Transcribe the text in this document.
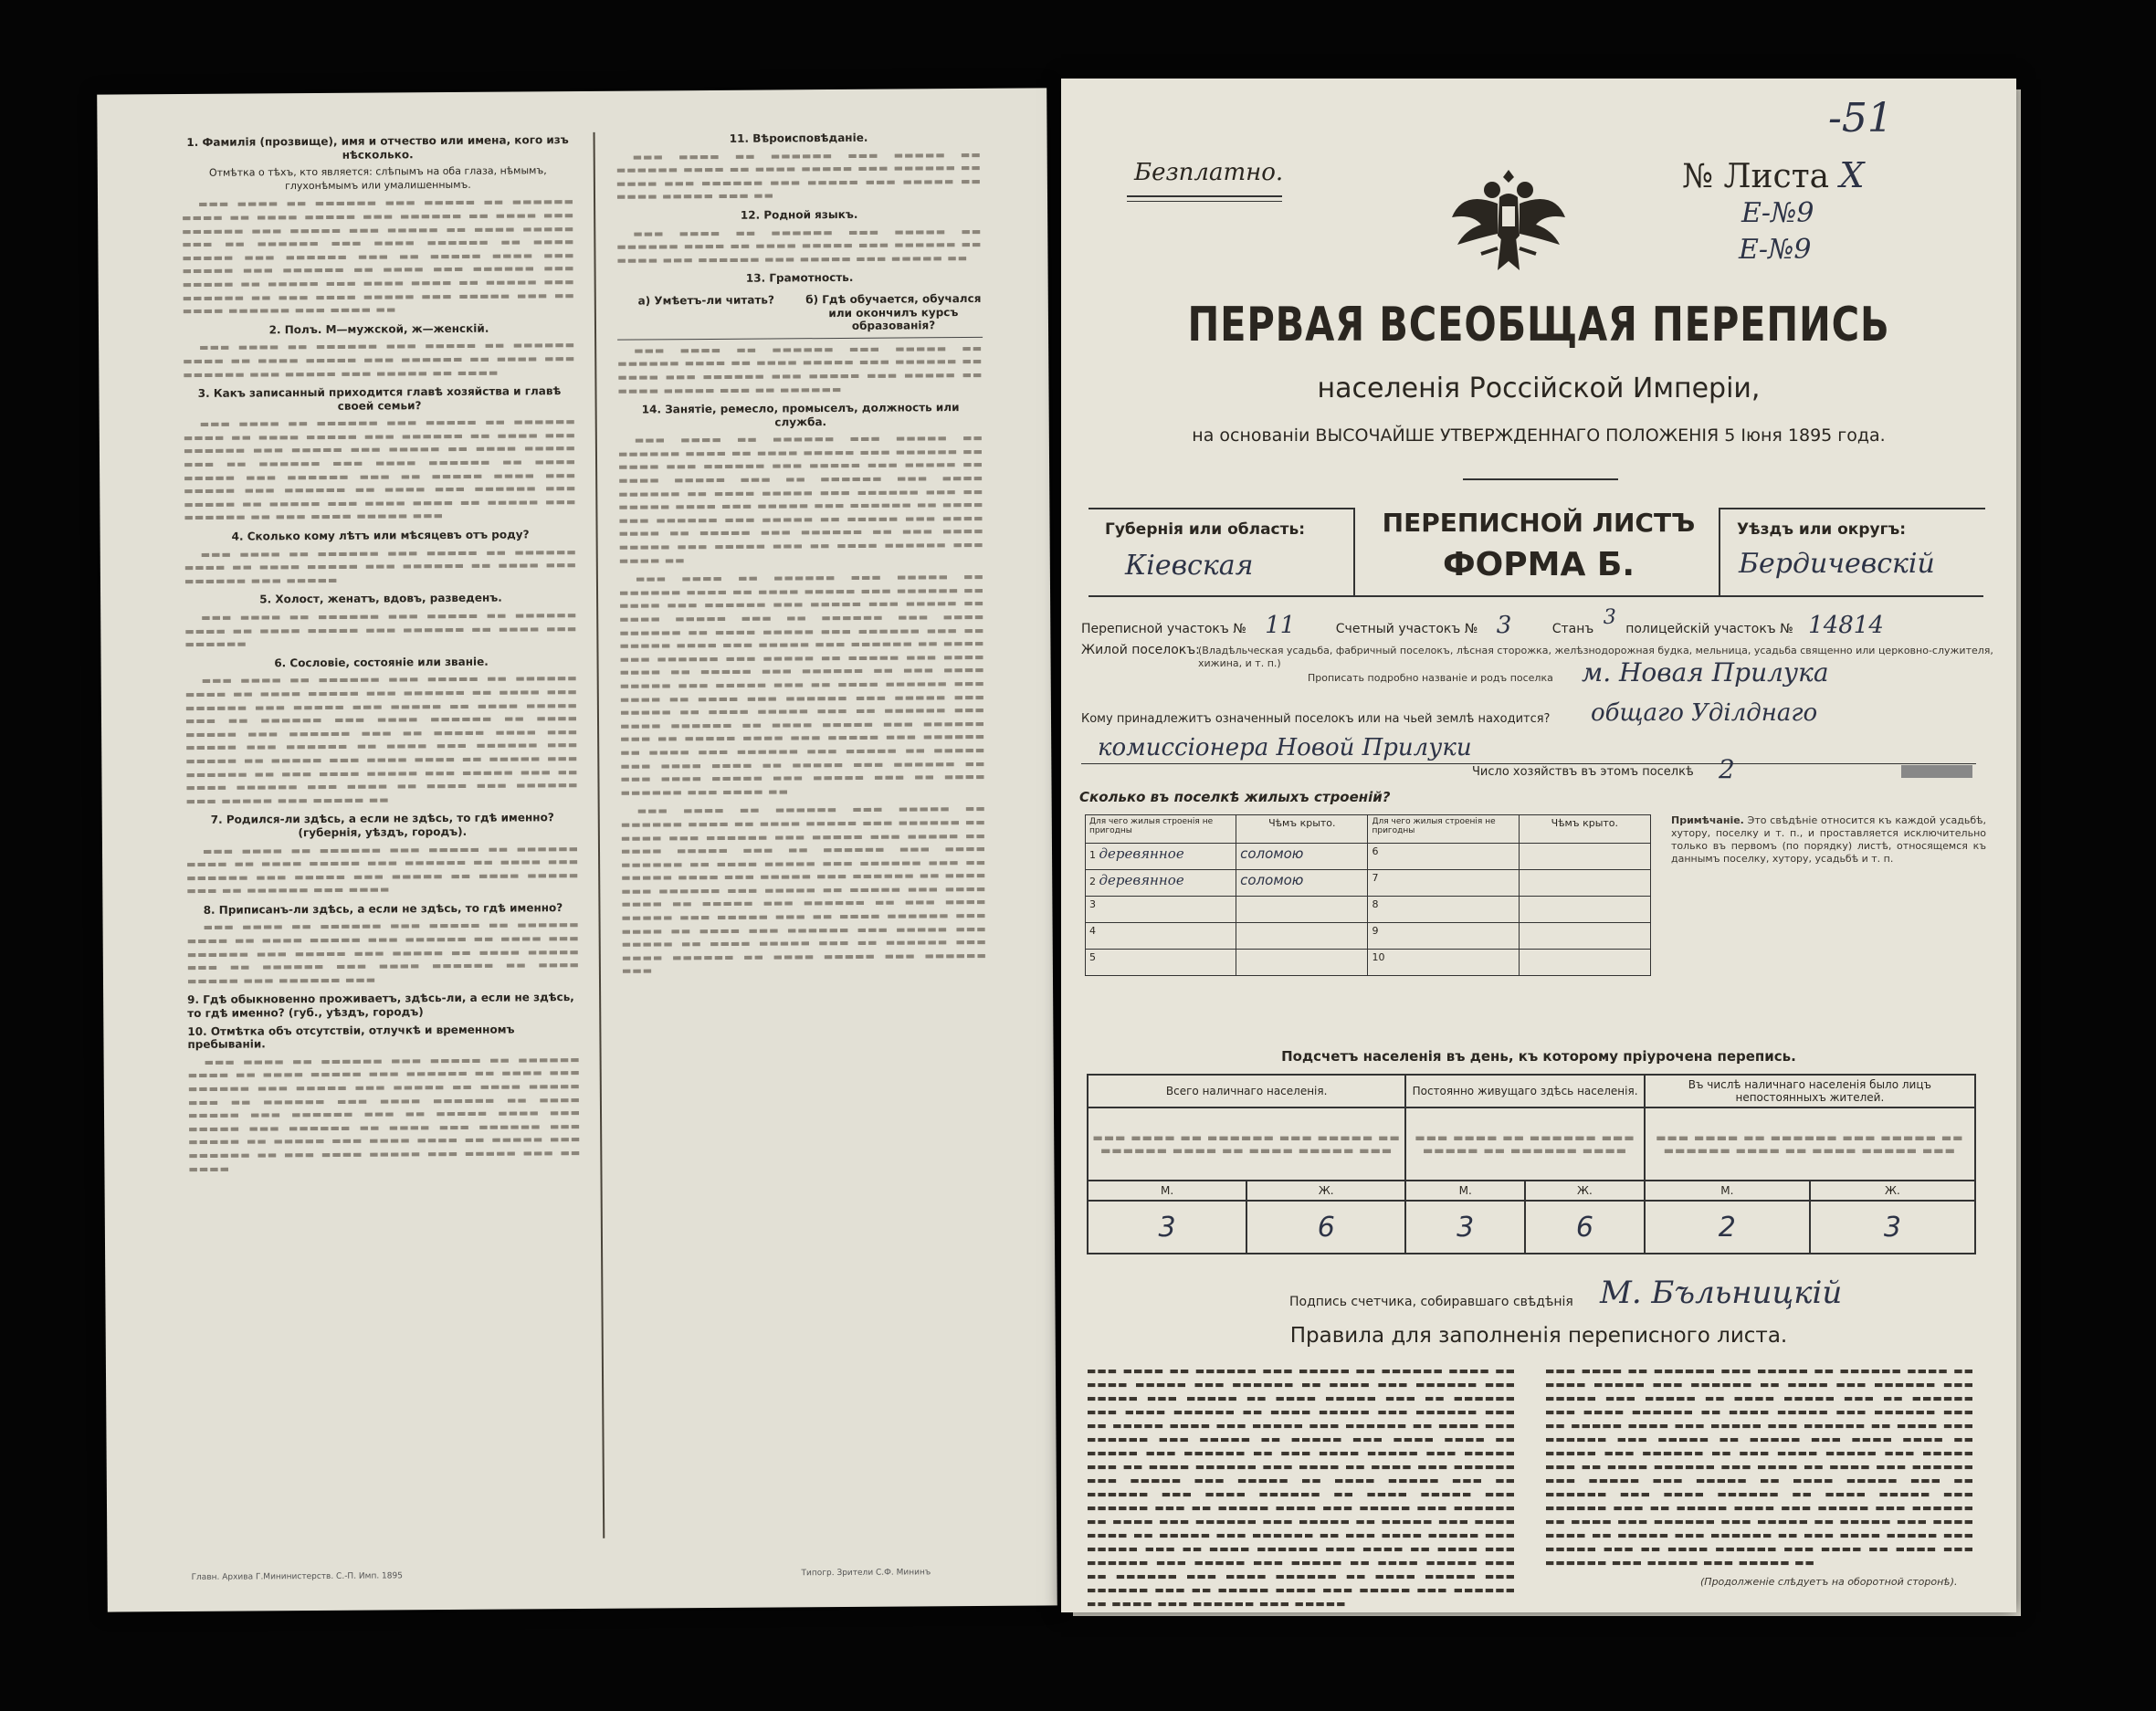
1. Фамилія (прозвище), имя и отчество или имена, кого изъ нѣсколько.
Отмѣтка о тѣхъ, кто является: слѣпымъ на оба глаза, нѣмымъ, глухонѣмымъ или умалишеннымъ.

▬▬▬ ▬▬▬▬ ▬▬ ▬▬▬▬▬▬ ▬▬▬ ▬▬▬▬▬ ▬▬ ▬▬▬▬▬▬ ▬▬▬▬ ▬▬ ▬▬▬▬ ▬▬▬▬▬ ▬▬▬ ▬▬▬▬▬▬ ▬▬ ▬▬▬▬ ▬▬▬ ▬▬▬▬▬▬ ▬▬▬ ▬▬▬▬▬ ▬▬▬ ▬▬▬▬▬ ▬▬ ▬▬▬▬ ▬▬▬▬▬ ▬▬▬ ▬▬ ▬▬▬▬▬▬ ▬▬▬ ▬▬▬▬ ▬▬▬▬▬▬ ▬▬ ▬▬▬▬ ▬▬▬▬▬ ▬▬▬ ▬▬▬▬▬▬ ▬▬▬ ▬▬ ▬▬▬▬▬ ▬▬▬▬ ▬▬▬ ▬▬▬▬▬ ▬▬▬ ▬▬▬▬▬▬ ▬▬ ▬▬▬▬ ▬▬▬ ▬▬▬▬▬▬ ▬▬▬ ▬▬▬▬▬ ▬▬ ▬▬▬▬▬ ▬▬▬ ▬▬▬▬ ▬▬▬▬ ▬▬ ▬▬▬▬▬ ▬▬▬ ▬▬▬▬▬▬ ▬▬ ▬▬▬ ▬▬▬▬ ▬▬▬▬▬ ▬▬▬ ▬▬▬▬▬ ▬▬▬ ▬▬ ▬▬▬▬ ▬▬▬▬▬▬ ▬▬▬ ▬▬▬▬ ▬▬

2. Полъ. М—мужской, ж—женскій.

▬▬▬ ▬▬▬▬ ▬▬ ▬▬▬▬▬▬ ▬▬▬ ▬▬▬▬▬ ▬▬ ▬▬▬▬▬▬ ▬▬▬▬ ▬▬ ▬▬▬▬ ▬▬▬▬▬ ▬▬▬ ▬▬▬▬▬▬ ▬▬ ▬▬▬▬ ▬▬▬ ▬▬▬▬▬▬ ▬▬▬ ▬▬▬▬▬ ▬▬▬ ▬▬▬▬▬ ▬▬ ▬▬▬▬

3. Какъ записанный приходится главѣ хозяйства и главѣ своей семьи?

▬▬▬ ▬▬▬▬ ▬▬ ▬▬▬▬▬▬ ▬▬▬ ▬▬▬▬▬ ▬▬ ▬▬▬▬▬▬ ▬▬▬▬ ▬▬ ▬▬▬▬ ▬▬▬▬▬ ▬▬▬ ▬▬▬▬▬▬ ▬▬ ▬▬▬▬ ▬▬▬ ▬▬▬▬▬▬ ▬▬▬ ▬▬▬▬▬ ▬▬▬ ▬▬▬▬▬ ▬▬ ▬▬▬▬ ▬▬▬▬▬ ▬▬▬ ▬▬ ▬▬▬▬▬▬ ▬▬▬ ▬▬▬▬ ▬▬▬▬▬▬ ▬▬ ▬▬▬▬ ▬▬▬▬▬ ▬▬▬ ▬▬▬▬▬▬ ▬▬▬ ▬▬ ▬▬▬▬▬ ▬▬▬▬ ▬▬▬ ▬▬▬▬▬ ▬▬▬ ▬▬▬▬▬▬ ▬▬ ▬▬▬▬ ▬▬▬ ▬▬▬▬▬▬ ▬▬▬ ▬▬▬▬▬ ▬▬ ▬▬▬▬▬ ▬▬▬ ▬▬▬▬ ▬▬▬▬ ▬▬ ▬▬▬▬▬ ▬▬▬ ▬▬▬▬▬▬ ▬▬ ▬▬▬ ▬▬▬▬ ▬▬▬▬▬ ▬▬▬

4. Сколько кому лѣтъ или мѣсяцевъ отъ роду?

▬▬▬ ▬▬▬▬ ▬▬ ▬▬▬▬▬▬ ▬▬▬ ▬▬▬▬▬ ▬▬ ▬▬▬▬▬▬ ▬▬▬▬ ▬▬ ▬▬▬▬ ▬▬▬▬▬ ▬▬▬ ▬▬▬▬▬▬ ▬▬ ▬▬▬▬ ▬▬▬ ▬▬▬▬▬▬ ▬▬▬ ▬▬▬▬▬

5. Холост, женатъ, вдовъ, разведенъ.

▬▬▬ ▬▬▬▬ ▬▬ ▬▬▬▬▬▬ ▬▬▬ ▬▬▬▬▬ ▬▬ ▬▬▬▬▬▬ ▬▬▬▬ ▬▬ ▬▬▬▬ ▬▬▬▬▬ ▬▬▬ ▬▬▬▬▬▬ ▬▬ ▬▬▬▬ ▬▬▬ ▬▬▬▬▬▬

6. Сословіе, состояніе или званіе.

▬▬▬ ▬▬▬▬ ▬▬ ▬▬▬▬▬▬ ▬▬▬ ▬▬▬▬▬ ▬▬ ▬▬▬▬▬▬ ▬▬▬▬ ▬▬ ▬▬▬▬ ▬▬▬▬▬ ▬▬▬ ▬▬▬▬▬▬ ▬▬ ▬▬▬▬ ▬▬▬ ▬▬▬▬▬▬ ▬▬▬ ▬▬▬▬▬ ▬▬▬ ▬▬▬▬▬ ▬▬ ▬▬▬▬ ▬▬▬▬▬ ▬▬▬ ▬▬ ▬▬▬▬▬▬ ▬▬▬ ▬▬▬▬ ▬▬▬▬▬▬ ▬▬ ▬▬▬▬ ▬▬▬▬▬ ▬▬▬ ▬▬▬▬▬▬ ▬▬▬ ▬▬ ▬▬▬▬▬ ▬▬▬▬ ▬▬▬ ▬▬▬▬▬ ▬▬▬ ▬▬▬▬▬▬ ▬▬ ▬▬▬▬ ▬▬▬ ▬▬▬▬▬▬ ▬▬▬ ▬▬▬▬▬ ▬▬ ▬▬▬▬▬ ▬▬▬ ▬▬▬▬ ▬▬▬▬ ▬▬ ▬▬▬▬▬ ▬▬▬ ▬▬▬▬▬▬ ▬▬ ▬▬▬ ▬▬▬▬ ▬▬▬▬▬ ▬▬▬ ▬▬▬▬▬ ▬▬▬ ▬▬ ▬▬▬▬ ▬▬▬▬▬▬ ▬▬▬ ▬▬▬▬ ▬▬ ▬▬▬▬ ▬▬▬ ▬▬▬▬▬▬ ▬▬▬ ▬▬▬▬▬ ▬▬▬ ▬▬▬▬▬ ▬▬

7. Родился-ли здѣсь, а если не здѣсь, то гдѣ именно? (губернія, уѣздъ, городъ).

▬▬▬ ▬▬▬▬ ▬▬ ▬▬▬▬▬▬ ▬▬▬ ▬▬▬▬▬ ▬▬ ▬▬▬▬▬▬ ▬▬▬▬ ▬▬ ▬▬▬▬ ▬▬▬▬▬ ▬▬▬ ▬▬▬▬▬▬ ▬▬ ▬▬▬▬ ▬▬▬ ▬▬▬▬▬▬ ▬▬▬ ▬▬▬▬▬ ▬▬▬ ▬▬▬▬▬ ▬▬ ▬▬▬▬ ▬▬▬▬▬ ▬▬▬ ▬▬ ▬▬▬▬▬▬ ▬▬▬ ▬▬▬▬

8. Приписанъ-ли здѣсь, а если не здѣсь, то гдѣ именно?

▬▬▬ ▬▬▬▬ ▬▬ ▬▬▬▬▬▬ ▬▬▬ ▬▬▬▬▬ ▬▬ ▬▬▬▬▬▬ ▬▬▬▬ ▬▬ ▬▬▬▬ ▬▬▬▬▬ ▬▬▬ ▬▬▬▬▬▬ ▬▬ ▬▬▬▬ ▬▬▬ ▬▬▬▬▬▬ ▬▬▬ ▬▬▬▬▬ ▬▬▬ ▬▬▬▬▬ ▬▬ ▬▬▬▬ ▬▬▬▬▬ ▬▬▬ ▬▬ ▬▬▬▬▬▬ ▬▬▬ ▬▬▬▬ ▬▬▬▬▬▬ ▬▬ ▬▬▬▬ ▬▬▬▬▬ ▬▬▬ ▬▬▬▬▬▬ ▬▬▬

9. Гдѣ обыкновенно проживаетъ, здѣсь-ли, а если не здѣсь, то гдѣ именно? (губ., уѣздъ, городъ)
10. Отмѣтка объ отсутствіи, отлучкѣ и временномъ пребываніи.

▬▬▬ ▬▬▬▬ ▬▬ ▬▬▬▬▬▬ ▬▬▬ ▬▬▬▬▬ ▬▬ ▬▬▬▬▬▬ ▬▬▬▬ ▬▬ ▬▬▬▬ ▬▬▬▬▬ ▬▬▬ ▬▬▬▬▬▬ ▬▬ ▬▬▬▬ ▬▬▬ ▬▬▬▬▬▬ ▬▬▬ ▬▬▬▬▬ ▬▬▬ ▬▬▬▬▬ ▬▬ ▬▬▬▬ ▬▬▬▬▬ ▬▬▬ ▬▬ ▬▬▬▬▬▬ ▬▬▬ ▬▬▬▬ ▬▬▬▬▬▬ ▬▬ ▬▬▬▬ ▬▬▬▬▬ ▬▬▬ ▬▬▬▬▬▬ ▬▬▬ ▬▬ ▬▬▬▬▬ ▬▬▬▬ ▬▬▬ ▬▬▬▬▬ ▬▬▬ ▬▬▬▬▬▬ ▬▬ ▬▬▬▬ ▬▬▬ ▬▬▬▬▬▬ ▬▬▬ ▬▬▬▬▬ ▬▬ ▬▬▬▬▬ ▬▬▬ ▬▬▬▬ ▬▬▬▬ ▬▬ ▬▬▬▬▬ ▬▬▬ ▬▬▬▬▬▬ ▬▬ ▬▬▬ ▬▬▬▬ ▬▬▬▬▬ ▬▬▬ ▬▬▬▬▬ ▬▬▬ ▬▬ ▬▬▬▬

11. Вѣроисповѣданіе.

▬▬▬ ▬▬▬▬ ▬▬ ▬▬▬▬▬▬ ▬▬▬ ▬▬▬▬▬ ▬▬ ▬▬▬▬▬▬ ▬▬▬▬ ▬▬ ▬▬▬▬ ▬▬▬▬▬ ▬▬▬ ▬▬▬▬▬▬ ▬▬ ▬▬▬▬ ▬▬▬ ▬▬▬▬▬▬ ▬▬▬ ▬▬▬▬▬ ▬▬▬ ▬▬▬▬▬ ▬▬ ▬▬▬▬ ▬▬▬▬▬ ▬▬▬ ▬▬

12. Родной языкъ.

▬▬▬ ▬▬▬▬ ▬▬ ▬▬▬▬▬▬ ▬▬▬ ▬▬▬▬▬ ▬▬ ▬▬▬▬▬▬ ▬▬▬▬ ▬▬ ▬▬▬▬ ▬▬▬▬▬ ▬▬▬ ▬▬▬▬▬▬ ▬▬ ▬▬▬▬ ▬▬▬ ▬▬▬▬▬▬ ▬▬▬ ▬▬▬▬▬ ▬▬▬ ▬▬▬▬▬ ▬▬

13. Грамотность.
а) Умѣетъ-ли читать?	б) Гдѣ обучается, обучался или окончилъ курсъ образованія?

▬▬▬ ▬▬▬▬ ▬▬ ▬▬▬▬▬▬ ▬▬▬ ▬▬▬▬▬ ▬▬ ▬▬▬▬▬▬ ▬▬▬▬ ▬▬ ▬▬▬▬ ▬▬▬▬▬ ▬▬▬ ▬▬▬▬▬▬ ▬▬ ▬▬▬▬ ▬▬▬ ▬▬▬▬▬▬ ▬▬▬ ▬▬▬▬▬ ▬▬▬ ▬▬▬▬▬ ▬▬ ▬▬▬▬ ▬▬▬▬▬ ▬▬▬ ▬▬ ▬▬▬▬▬▬

14. Занятіе, ремесло, промыселъ, должность или служба.

▬▬▬ ▬▬▬▬ ▬▬ ▬▬▬▬▬▬ ▬▬▬ ▬▬▬▬▬ ▬▬ ▬▬▬▬▬▬ ▬▬▬▬ ▬▬ ▬▬▬▬ ▬▬▬▬▬ ▬▬▬ ▬▬▬▬▬▬ ▬▬ ▬▬▬▬ ▬▬▬ ▬▬▬▬▬▬ ▬▬▬ ▬▬▬▬▬ ▬▬▬ ▬▬▬▬▬ ▬▬ ▬▬▬▬ ▬▬▬▬▬ ▬▬▬ ▬▬ ▬▬▬▬▬▬ ▬▬▬ ▬▬▬▬ ▬▬▬▬▬▬ ▬▬ ▬▬▬▬ ▬▬▬▬▬ ▬▬▬ ▬▬▬▬▬▬ ▬▬▬ ▬▬ ▬▬▬▬▬ ▬▬▬▬ ▬▬▬ ▬▬▬▬▬ ▬▬▬ ▬▬▬▬▬▬ ▬▬ ▬▬▬▬ ▬▬▬ ▬▬▬▬▬▬ ▬▬▬ ▬▬▬▬▬ ▬▬ ▬▬▬▬▬ ▬▬▬ ▬▬▬▬ ▬▬▬▬ ▬▬ ▬▬▬▬▬ ▬▬▬ ▬▬▬▬▬▬ ▬▬ ▬▬▬ ▬▬▬▬ ▬▬▬▬▬ ▬▬▬ ▬▬▬▬▬ ▬▬▬ ▬▬ ▬▬▬▬ ▬▬▬▬▬▬ ▬▬▬ ▬▬▬▬ ▬▬

▬▬▬ ▬▬▬▬ ▬▬ ▬▬▬▬▬▬ ▬▬▬ ▬▬▬▬▬ ▬▬ ▬▬▬▬▬▬ ▬▬▬▬ ▬▬ ▬▬▬▬ ▬▬▬▬▬ ▬▬▬ ▬▬▬▬▬▬ ▬▬ ▬▬▬▬ ▬▬▬ ▬▬▬▬▬▬ ▬▬▬ ▬▬▬▬▬ ▬▬▬ ▬▬▬▬▬ ▬▬ ▬▬▬▬ ▬▬▬▬▬ ▬▬▬ ▬▬ ▬▬▬▬▬▬ ▬▬▬ ▬▬▬▬ ▬▬▬▬▬▬ ▬▬ ▬▬▬▬ ▬▬▬▬▬ ▬▬▬ ▬▬▬▬▬▬ ▬▬▬ ▬▬ ▬▬▬▬▬ ▬▬▬▬ ▬▬▬ ▬▬▬▬▬ ▬▬▬ ▬▬▬▬▬▬ ▬▬ ▬▬▬▬ ▬▬▬ ▬▬▬▬▬▬ ▬▬▬ ▬▬▬▬▬ ▬▬ ▬▬▬▬▬ ▬▬▬ ▬▬▬▬ ▬▬▬▬ ▬▬ ▬▬▬▬▬ ▬▬▬ ▬▬▬▬▬▬ ▬▬ ▬▬▬ ▬▬▬▬ ▬▬▬▬▬ ▬▬▬ ▬▬▬▬▬ ▬▬▬ ▬▬ ▬▬▬▬ ▬▬▬▬▬▬ ▬▬▬ ▬▬▬▬ ▬▬ ▬▬▬▬ ▬▬▬ ▬▬▬▬▬▬ ▬▬▬ ▬▬▬▬▬ ▬▬▬ ▬▬▬▬▬ ▬▬ ▬▬▬▬ ▬▬▬▬▬ ▬▬▬ ▬▬ ▬▬▬▬▬▬ ▬▬▬ ▬▬▬▬ ▬▬▬▬▬▬ ▬▬ ▬▬▬▬ ▬▬▬▬▬ ▬▬▬ ▬▬▬▬▬▬ ▬▬▬ ▬▬ ▬▬▬▬▬ ▬▬▬▬ ▬▬▬ ▬▬▬▬▬ ▬▬▬ ▬▬▬▬▬▬ ▬▬ ▬▬▬▬ ▬▬▬ ▬▬▬▬▬▬ ▬▬▬ ▬▬▬▬▬ ▬▬ ▬▬▬▬▬ ▬▬▬ ▬▬▬▬ ▬▬▬▬ ▬▬ ▬▬▬▬▬ ▬▬▬ ▬▬▬▬▬▬ ▬▬ ▬▬▬ ▬▬▬▬ ▬▬▬▬▬ ▬▬▬ ▬▬▬▬▬ ▬▬▬ ▬▬ ▬▬▬▬ ▬▬▬▬▬▬ ▬▬▬ ▬▬▬▬ ▬▬

▬▬▬ ▬▬▬▬ ▬▬ ▬▬▬▬▬▬ ▬▬▬ ▬▬▬▬▬ ▬▬ ▬▬▬▬▬▬ ▬▬▬▬ ▬▬ ▬▬▬▬ ▬▬▬▬▬ ▬▬▬ ▬▬▬▬▬▬ ▬▬ ▬▬▬▬ ▬▬▬ ▬▬▬▬▬▬ ▬▬▬ ▬▬▬▬▬ ▬▬▬ ▬▬▬▬▬ ▬▬ ▬▬▬▬ ▬▬▬▬▬ ▬▬▬ ▬▬ ▬▬▬▬▬▬ ▬▬▬ ▬▬▬▬ ▬▬▬▬▬▬ ▬▬ ▬▬▬▬ ▬▬▬▬▬ ▬▬▬ ▬▬▬▬▬▬ ▬▬▬ ▬▬ ▬▬▬▬▬ ▬▬▬▬ ▬▬▬ ▬▬▬▬▬ ▬▬▬ ▬▬▬▬▬▬ ▬▬ ▬▬▬▬ ▬▬▬ ▬▬▬▬▬▬ ▬▬▬ ▬▬▬▬▬ ▬▬ ▬▬▬▬▬ ▬▬▬ ▬▬▬▬ ▬▬▬▬ ▬▬ ▬▬▬▬▬ ▬▬▬ ▬▬▬▬▬▬ ▬▬ ▬▬▬ ▬▬▬▬ ▬▬▬▬▬ ▬▬▬ ▬▬▬▬▬ ▬▬▬ ▬▬ ▬▬▬▬ ▬▬▬▬▬▬ ▬▬▬ ▬▬▬▬ ▬▬ ▬▬▬▬ ▬▬▬ ▬▬▬▬▬▬ ▬▬▬ ▬▬▬▬▬ ▬▬▬ ▬▬▬▬▬ ▬▬ ▬▬▬▬ ▬▬▬▬▬ ▬▬▬ ▬▬ ▬▬▬▬▬▬ ▬▬▬ ▬▬▬▬ ▬▬▬▬▬▬ ▬▬ ▬▬▬▬ ▬▬▬▬▬ ▬▬▬ ▬▬▬▬▬▬ ▬▬▬

Главн. Архива Г.Мининистерств. С.-П. Имп. 1895	Типогр. Зрители С.Ф. Мининъ
Безплатно.	№ Листа X
-51
Е-№9
Е-№9
ПЕРВАЯ ВСЕОБЩАЯ ПЕРЕПИСЬ
населенія Россійской Имперіи,
на основаніи ВЫСОЧАЙШЕ УТВЕРЖДЕННАГО ПОЛОЖЕНІЯ 5 Іюня 1895 года.
Губернія или область:
Кіевская
Уѣздъ или округъ:
Бердичевскій
ПЕРЕПИСНОЙ ЛИСТЪ
ФОРМА Б.
Переписной участокъ № 11	Счетный участокъ № 3	Станъ 3 полицейскій участокъ № 14814
Жилой поселокъ:
(Владѣльческая усадьба, фабричный поселокъ, лѣсная сторожка, желѣзнодорожная будка, мельница, усадьба священно или церковно-служителя, хижина, и т. п.)
Прописать подробно названіе и родъ поселка м. Новая Прилука
Кому принадлежитъ означенный поселокъ или на чьей землѣ находится? общаго Уділднаго
комиссіонера Новой Прилуки
Число хозяйствъ въ этомъ поселкѣ 2
Сколько въ поселкѣ жилыхъ строеній?
Для чего жилыя строенія не пригодны	Чѣмъ крыто.	Для чего жилыя строенія не пригодны	Чѣмъ крыто.
1 деревянное	соломою	6	
2 деревянное	соломою	7	
3		8	
4		9	
5		10	
Примѣчаніе. Это свѣдѣніе относится къ каждой усадьбѣ, хутору, поселку и т. п., и проставляется исключительно только въ первомъ (по порядку) листѣ, относящемся къ даннымъ поселку, хутору, усадьбѣ и т. п.
Подсчетъ населенія въ день, къ которому пріурочена перепись.
Всего наличнаго населенія.		Постоянно живущаго здѣсь населенія.		Въ числѣ наличнаго населенія было лицъ непостоянныхъ жителей.	
▬▬▬ ▬▬▬▬ ▬▬ ▬▬▬▬▬▬ ▬▬▬ ▬▬▬▬▬ ▬▬ ▬▬▬▬▬▬ ▬▬▬▬ ▬▬ ▬▬▬▬ ▬▬▬▬▬ ▬▬▬		▬▬▬ ▬▬▬▬ ▬▬ ▬▬▬▬▬▬ ▬▬▬ ▬▬▬▬▬ ▬▬ ▬▬▬▬▬▬ ▬▬▬▬		▬▬▬ ▬▬▬▬ ▬▬ ▬▬▬▬▬▬ ▬▬▬ ▬▬▬▬▬ ▬▬ ▬▬▬▬▬▬ ▬▬▬▬ ▬▬ ▬▬▬▬ ▬▬▬▬▬ ▬▬▬	
М.	Ж.	М.	Ж.	М.	Ж.
3	6	3	6	2	3
Подпись счетчика, собиравшаго свѣдѣнія М. Бъльницкій
Правила для заполненія переписного листа.
▬▬▬ ▬▬▬▬ ▬▬ ▬▬▬▬▬▬ ▬▬▬ ▬▬▬▬▬ ▬▬ ▬▬▬▬▬▬ ▬▬▬▬ ▬▬ ▬▬▬▬ ▬▬▬▬▬ ▬▬▬ ▬▬▬▬▬▬ ▬▬ ▬▬▬▬ ▬▬▬ ▬▬▬▬▬▬ ▬▬▬ ▬▬▬▬▬ ▬▬▬ ▬▬▬▬▬ ▬▬ ▬▬▬▬ ▬▬▬▬▬ ▬▬▬ ▬▬ ▬▬▬▬▬▬ ▬▬▬ ▬▬▬▬ ▬▬▬▬▬▬ ▬▬ ▬▬▬▬ ▬▬▬▬▬ ▬▬▬ ▬▬▬▬▬▬ ▬▬▬ ▬▬ ▬▬▬▬▬ ▬▬▬▬ ▬▬▬ ▬▬▬▬▬ ▬▬▬ ▬▬▬▬▬▬ ▬▬ ▬▬▬▬ ▬▬▬ ▬▬▬▬▬▬ ▬▬▬ ▬▬▬▬▬ ▬▬ ▬▬▬▬▬ ▬▬▬ ▬▬▬▬ ▬▬▬▬ ▬▬ ▬▬▬▬▬ ▬▬▬ ▬▬▬▬▬▬ ▬▬ ▬▬▬ ▬▬▬▬ ▬▬▬▬▬ ▬▬▬ ▬▬▬▬▬ ▬▬▬ ▬▬ ▬▬▬▬ ▬▬▬▬▬▬ ▬▬▬ ▬▬▬▬ ▬▬ ▬▬▬▬ ▬▬▬ ▬▬▬▬▬▬ ▬▬▬ ▬▬▬▬▬ ▬▬▬ ▬▬▬▬▬ ▬▬ ▬▬▬▬ ▬▬▬▬▬ ▬▬▬ ▬▬ ▬▬▬▬▬▬ ▬▬▬ ▬▬▬▬ ▬▬▬▬▬▬ ▬▬ ▬▬▬▬ ▬▬▬▬▬ ▬▬▬ ▬▬▬▬▬▬ ▬▬▬ ▬▬ ▬▬▬▬▬ ▬▬▬▬ ▬▬▬ ▬▬▬▬▬ ▬▬▬ ▬▬▬▬▬▬ ▬▬ ▬▬▬▬ ▬▬▬ ▬▬▬▬▬▬ ▬▬▬ ▬▬▬▬▬ ▬▬ ▬▬▬▬▬ ▬▬▬ ▬▬▬▬ ▬▬▬▬ ▬▬ ▬▬▬▬▬ ▬▬▬ ▬▬▬▬▬▬ ▬▬ ▬▬▬ ▬▬▬▬ ▬▬▬▬▬ ▬▬▬ ▬▬▬▬▬ ▬▬▬ ▬▬ ▬▬▬▬ ▬▬▬▬▬▬ ▬▬▬ ▬▬▬▬ ▬▬ ▬▬▬▬ ▬▬▬ ▬▬▬▬▬▬ ▬▬▬ ▬▬▬▬▬ ▬▬▬ ▬▬▬▬▬ ▬▬ ▬▬▬▬ ▬▬▬▬▬ ▬▬▬ ▬▬ ▬▬▬▬▬▬ ▬▬▬ ▬▬▬▬ ▬▬▬▬▬▬ ▬▬ ▬▬▬▬ ▬▬▬▬▬ ▬▬▬ ▬▬▬▬▬▬ ▬▬▬ ▬▬ ▬▬▬▬▬ ▬▬▬▬ ▬▬▬ ▬▬▬▬▬ ▬▬▬ ▬▬▬▬▬▬ ▬▬ ▬▬▬▬ ▬▬▬ ▬▬▬▬▬▬ ▬▬▬ ▬▬▬▬▬
▬▬▬ ▬▬▬▬ ▬▬ ▬▬▬▬▬▬ ▬▬▬ ▬▬▬▬▬ ▬▬ ▬▬▬▬▬▬ ▬▬▬▬ ▬▬ ▬▬▬▬ ▬▬▬▬▬ ▬▬▬ ▬▬▬▬▬▬ ▬▬ ▬▬▬▬ ▬▬▬ ▬▬▬▬▬▬ ▬▬▬ ▬▬▬▬▬ ▬▬▬ ▬▬▬▬▬ ▬▬ ▬▬▬▬ ▬▬▬▬▬ ▬▬▬ ▬▬ ▬▬▬▬▬▬ ▬▬▬ ▬▬▬▬ ▬▬▬▬▬▬ ▬▬ ▬▬▬▬ ▬▬▬▬▬ ▬▬▬ ▬▬▬▬▬▬ ▬▬▬ ▬▬ ▬▬▬▬▬ ▬▬▬▬ ▬▬▬ ▬▬▬▬▬ ▬▬▬ ▬▬▬▬▬▬ ▬▬ ▬▬▬▬ ▬▬▬ ▬▬▬▬▬▬ ▬▬▬ ▬▬▬▬▬ ▬▬ ▬▬▬▬▬ ▬▬▬ ▬▬▬▬ ▬▬▬▬ ▬▬ ▬▬▬▬▬ ▬▬▬ ▬▬▬▬▬▬ ▬▬ ▬▬▬ ▬▬▬▬ ▬▬▬▬▬ ▬▬▬ ▬▬▬▬▬ ▬▬▬ ▬▬ ▬▬▬▬ ▬▬▬▬▬▬ ▬▬▬ ▬▬▬▬ ▬▬ ▬▬▬▬ ▬▬▬ ▬▬▬▬▬▬ ▬▬▬ ▬▬▬▬▬ ▬▬▬ ▬▬▬▬▬ ▬▬ ▬▬▬▬ ▬▬▬▬▬ ▬▬▬ ▬▬ ▬▬▬▬▬▬ ▬▬▬ ▬▬▬▬ ▬▬▬▬▬▬ ▬▬ ▬▬▬▬ ▬▬▬▬▬ ▬▬▬ ▬▬▬▬▬▬ ▬▬▬ ▬▬ ▬▬▬▬▬ ▬▬▬▬ ▬▬▬ ▬▬▬▬▬ ▬▬▬ ▬▬▬▬▬▬ ▬▬ ▬▬▬▬ ▬▬▬ ▬▬▬▬▬▬ ▬▬▬ ▬▬▬▬▬ ▬▬ ▬▬▬▬▬ ▬▬▬ ▬▬▬▬ ▬▬▬▬ ▬▬ ▬▬▬▬▬ ▬▬▬ ▬▬▬▬▬▬ ▬▬ ▬▬▬ ▬▬▬▬ ▬▬▬▬▬ ▬▬▬ ▬▬▬▬▬ ▬▬▬ ▬▬ ▬▬▬▬ ▬▬▬▬▬▬ ▬▬▬ ▬▬▬▬ ▬▬ ▬▬▬▬ ▬▬▬ ▬▬▬▬▬▬ ▬▬▬ ▬▬▬▬▬ ▬▬▬ ▬▬▬▬▬ ▬▬
(Продолженіе слѣдуетъ на оборотной сторонѣ).
